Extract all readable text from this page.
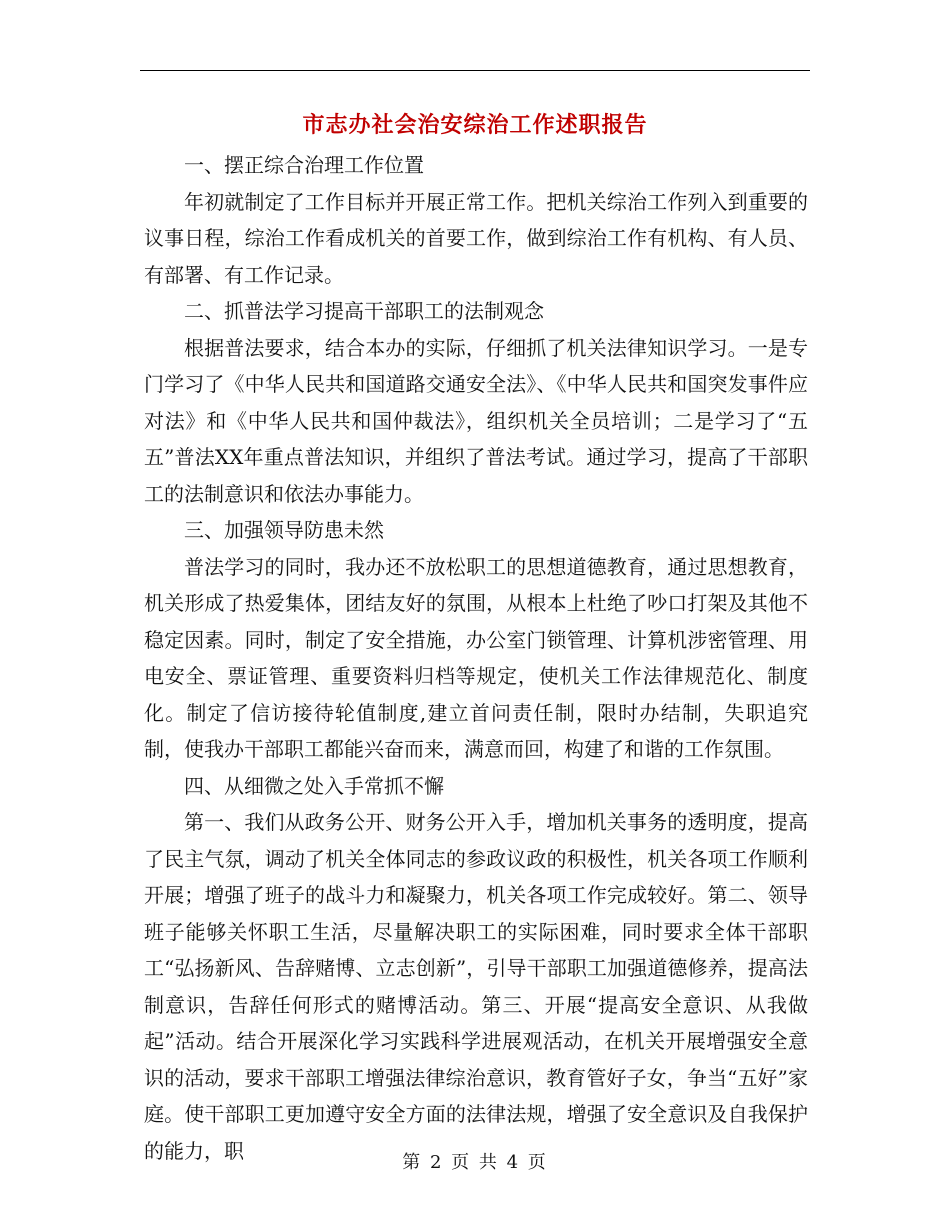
市志办社会治安综治工作述职报告

一、摆正综合治理工作位置

年初就制定了工作目标并开展正常工作。把机关综治工作列入到重要的议事日程，综治工作看成机关的首要工作，做到综治工作有机构、有人员、有部署、有工作记录。

二、抓普法学习提高干部职工的法制观念

根据普法要求，结合本办的实际，仔细抓了机关法律知识学习。一是专门学习了《中华人民共和国道路交通安全法》、《中华人民共和国突发事件应对法》和《中华人民共和国仲裁法》，组织机关全员培训；二是学习了“五五”普法XX年重点普法知识，并组织了普法考试。通过学习，提高了干部职工的法制意识和依法办事能力。

三、加强领导防患未然

普法学习的同时，我办还不放松职工的思想道德教育，通过思想教育，机关形成了热爱集体，团结友好的氛围，从根本上杜绝了吵口打架及其他不稳定因素。同时，制定了安全措施，办公室门锁管理、计算机涉密管理、用电安全、票证管理、重要资料归档等规定，使机关工作法律规范化、制度化。制定了信访接待轮值制度,建立首问责任制，限时办结制，失职追究制，使我办干部职工都能兴奋而来，满意而回，构建了和谐的工作氛围。

四、从细微之处入手常抓不懈

第一、我们从政务公开、财务公开入手，增加机关事务的透明度，提高了民主气氛，调动了机关全体同志的参政议政的积极性，机关各项工作顺利开展；增强了班子的战斗力和凝聚力，机关各项工作完成较好。第二、领导班子能够关怀职工生活，尽量解决职工的实际困难，同时要求全体干部职工“弘扬新风、告辞赌博、立志创新”，引导干部职工加强道德修养，提高法制意识，告辞任何形式的赌博活动。第三、开展“提高安全意识、从我做起”活动。结合开展深化学习实践科学进展观活动，在机关开展增强安全意识的活动，要求干部职工增强法律综治意识，教育管好子女，争当“五好”家庭。使干部职工更加遵守安全方面的法律法规，增强了安全意识及自我保护的能力，职	第 2 页 共 4 页
